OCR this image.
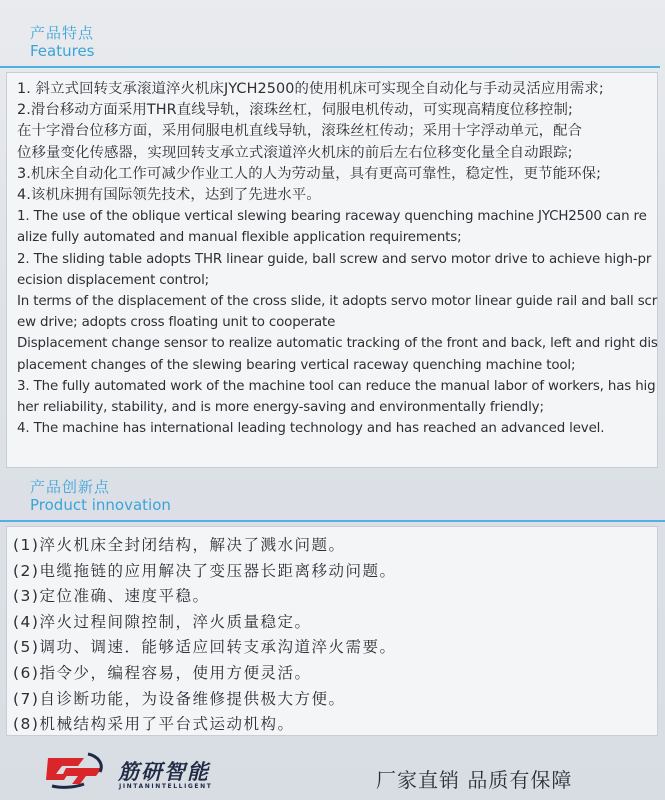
产品特点
Features
1. 斜立式回转支承滚道淬火机床JYCH2500的使用机床可实现全自动化与手动灵活应用需求;
2.滑台移动方面采用THR直线导轨，滚珠丝杠，伺服电机传动，可实现高精度位移控制;
在十字滑台位移方面，采用伺服电机直线导轨，滚珠丝杠传动；采用十字浮动单元，配合
位移量变化传感器，实现回转支承立式滚道淬火机床的前后左右位移变化量全自动跟踪;
3.机床全自动化工作可减少作业工人的人为劳动量，具有更高可靠性，稳定性，更节能环保;
4.该机床拥有国际领先技术，达到了先进水平。
1. The use of the oblique vertical slewing bearing raceway quenching machine JYCH2500 can re
alize fully automated and manual flexible application requirements;
2. The sliding table adopts THR linear guide, ball screw and servo motor drive to achieve high-pr
ecision displacement control;
In terms of the displacement of the cross slide, it adopts servo motor linear guide rail and ball scr
ew drive; adopts cross floating unit to cooperate
Displacement change sensor to realize automatic tracking of the front and back, left and right dis
placement changes of the slewing bearing vertical raceway quenching machine tool;
3. The fully automated work of the machine tool can reduce the manual labor of workers, has hig
her reliability, stability, and is more energy-saving and environmentally friendly;
4. The machine has international leading technology and has reached an advanced level.
产品创新点
Product innovation
(1)淬火机床全封闭结构，解决了溅水问题。
(2)电缆拖链的应用解决了变压器长距离移动问题。
(3)定位准确、速度平稳。
(4)淬火过程间隙控制，淬火质量稳定。
(5)调功、调速．能够适应回转支承沟道淬火需要。
(6)指令少，编程容易，使用方便灵活。
(7)自诊断功能，为设备维修提供极大方便。
(8)机械结构采用了平台式运动机构。
筋研智能
JINTANINTELLIGENT	厂家直销 品质有保障
